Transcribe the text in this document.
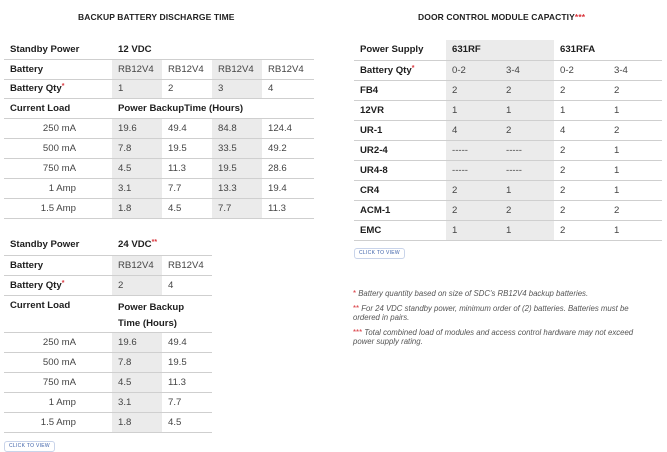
BACKUP BATTERY DISCHARGE TIME	DOOR CONTROL MODULE CAPACTIY***
Standby Power	12 VDC			
Battery	RB12V4	RB12V4	RB12V4	RB12V4
Battery Qty*	1	2	3	4
Current Load	Power BackupTime (Hours)			
250 mA	19.6	49.4	84.8	124.4
500 mA	7.8	19.5	33.5	49.2
750 mA	4.5	11.3	19.5	28.6
1 Amp	3.1	7.7	13.3	19.4
1.5 Amp	1.8	4.5	7.7	11.3
Standby Power	24 VDC**
Battery	RB12V4	RB12V4
Battery Qty*	2	4
Current Load	Power Backup
Time (Hours)	
250 mA	19.6	49.4
500 mA	7.8	19.5
750 mA	4.5	11.3
1 Amp	3.1	7.7
1.5 Amp	1.8	4.5
CLICK TO VIEW
Power Supply	631RF		631RFA	
Battery Qty*	0-2	3-4	0-2	3-4
FB4	2	2	2	2
12VR	1	1	1	1
UR-1	4	2	4	2
UR2-4	-----	-----	2	1
UR4-8	-----	-----	2	1
CR4	2	1	2	1
ACM-1	2	2	2	2
EMC	1	1	2	1
CLICK TO VIEW

* Battery quantity based on size of SDC's RB12V4 backup batteries.

** For 24 VDC standby power, minimum order of (2) batteries. Batteries must be ordered in pairs.

*** Total combined load of modules and access control hardware may not exceed power supply rating.
